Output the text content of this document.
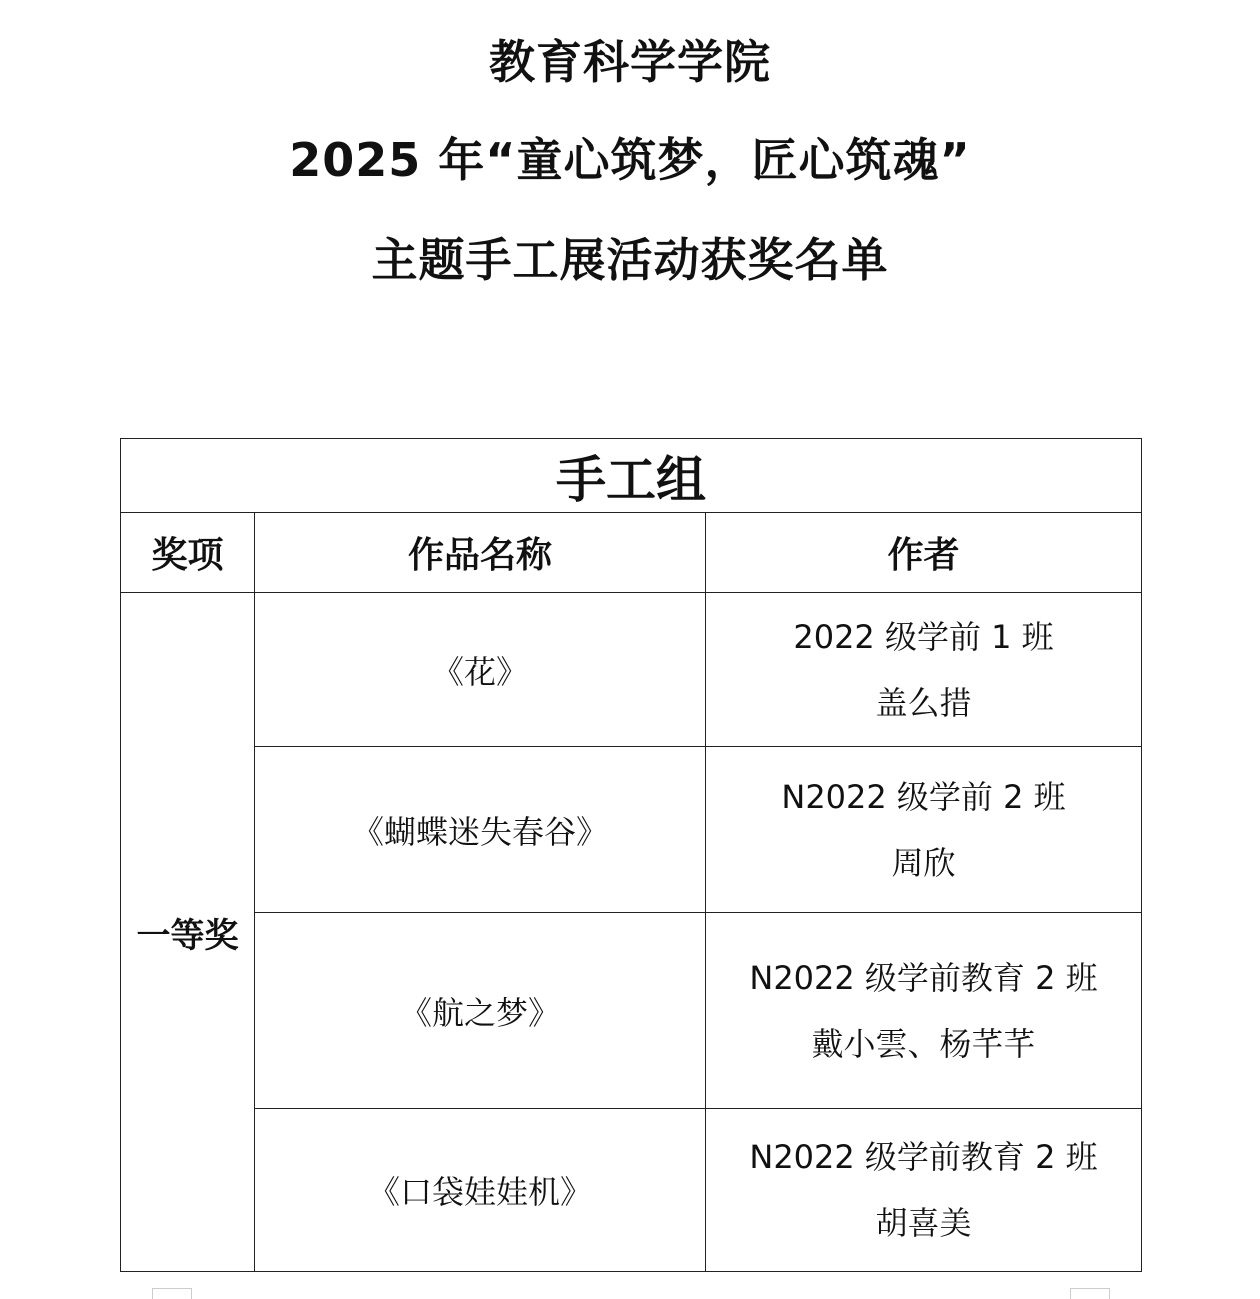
教育科学学院
2025 年“童心筑梦，匠心筑魂”
主题手工展活动获奖名单
手工组		
奖项	作品名称	作者
一等奖	《花》	2022 级学前 1 班
盖么措

	《蝴蝶迷失春谷》	N2022 级学前 2 班
周欣

	《航之梦》	N2022 级学前教育 2 班
戴小雲、杨芊芊

	《口袋娃娃机》	N2022 级学前教育 2 班
胡喜美
